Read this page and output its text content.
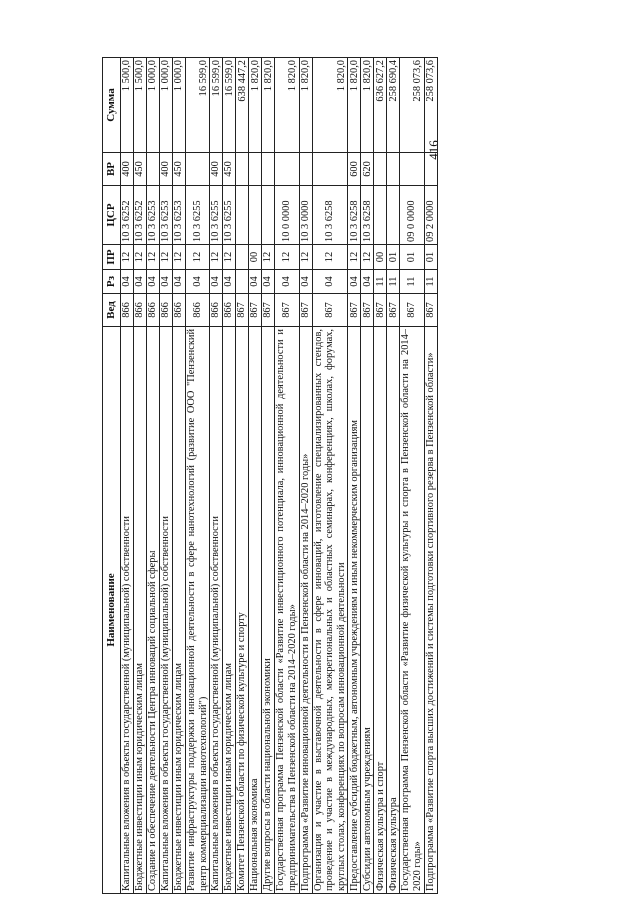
416
Наименование	Вед	Рз	ПР	ЦСР	ВР	Сумма
Капитальные вложения в объекты государственной (муниципальной) собственности	866	04	12	10 3 6252	400	1 500,0
Бюджетные инвестиции иным юридическим лицам	866	04	12	10 3 6252	450	1 500,0
Создание и обеспечение деятельности Центра инноваций социальной сферы	866	04	12	10 3 6253		1 000,0
Капитальные вложения в объекты государственной (муниципальной) собственности	866	04	12	10 3 6253	400	1 000,0
Бюджетные инвестиции иным юридическим лицам	866	04	12	10 3 6253	450	1 000,0
Развитие инфраструктуры поддержки инновационной деятельности в сфере нанотехнологий (развитие ООО "Пензенский центр коммерциализации нанотехнологий")	866	04	12	10 3 6255		16 599,0
Капитальные вложения в объекты государственной (муниципальной) собственности	866	04	12	10 3 6255	400	16 599,0
Бюджетные инвестиции иным юридическим лицам	866	04	12	10 3 6255	450	16 599,0
Комитет Пензенской области по физической культуре и спорту	867					638 447,2
Национальная экономика	867	04	00			1 820,0
Другие вопросы в области национальной экономики	867	04	12			1 820,0
Государственная программа Пензенской области «Развитие инвестиционного потенциала, инновационной деятельности и предпринимательства в Пензенской области на 2014–2020 годы»	867	04	12	10 0 0000		1 820,0
Подпрограмма «Развитие инновационной деятельности в Пензенской области на 2014–2020 годы»	867	04	12	10 3 0000		1 820,0
Организация и участие в выставочной деятельности в сфере инноваций, изготовление специализированных стендов, проведение и участие в международных, межрегиональных и областных семинарах, конференциях, школах, форумах, круглых столах, конференциях по вопросам инновационной деятельности	867	04	12	10 3 6258		1 820,0
Предоставление субсидий бюджетным, автономным учреждениям и иным некоммерческим организациям	867	04	12	10 3 6258	600	1 820,0
Субсидии автономным учреждениям	867	04	12	10 3 6258	620	1 820,0
Физическая культура и спорт	867	11	00			636 627,2
Физическая культура	867	11	01			258 690,4
Государственная программа Пензенской области «Развитие физической культуры и спорта в Пензенской области на 2014–2020 годы»	867	11	01	09 0 0000		258 073,6
Подпрограмма «Развитие спорта высших достижений и системы подготовки спортивного резерва в Пензенской области»	867	11	01	09 2 0000		258 073,6
